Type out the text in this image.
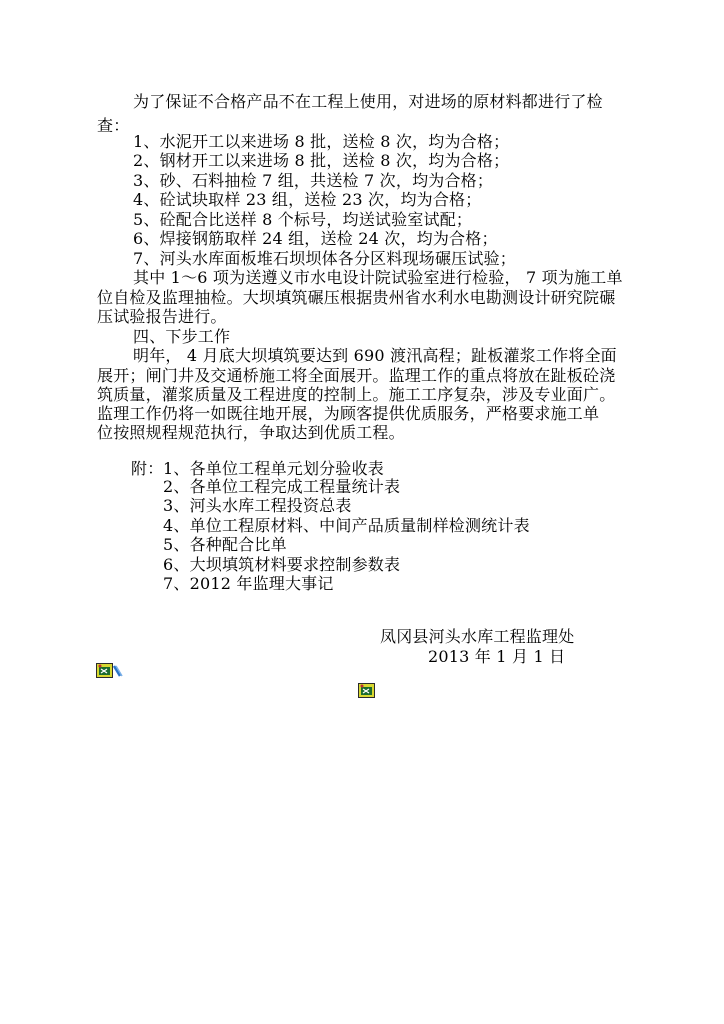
为了保证不合格产品不在工程上使用，对进场的原材料都进行了检
查：
1、水泥开工以来进场 8 批，送检 8 次，均为合格；
2、钢材开工以来进场 8 批，送检 8 次，均为合格；
3、砂、石料抽检 7 组，共送检 7 次，均为合格；
4、砼试块取样 23 组，送检 23 次，均为合格；
5、砼配合比送样 8 个标号，均送试验室试配；
6、焊接钢筋取样 24 组，送检 24 次，均为合格；
7、河头水库面板堆石坝坝体各分区料现场碾压试验；
其中 1～6 项为送遵义市水电设计院试验室进行检验， 7 项为施工单
位自检及监理抽检。大坝填筑碾压根据贵州省水利水电勘测设计研究院碾
压试验报告进行。
四、下步工作
明年， 4 月底大坝填筑要达到 690 渡汛高程；趾板灌浆工作将全面
展开；闸门井及交通桥施工将全面展开。监理工作的重点将放在趾板砼浇
筑质量，灌浆质量及工程进度的控制上。施工工序复杂，涉及专业面广。
监理工作仍将一如既往地开展，为顾客提供优质服务，严格要求施工单
位按照规程规范执行，争取达到优质工程。
附： 1、各单位工程单元划分验收表
2、各单位工程完成工程量统计表
3、河头水库工程投资总表
4、单位工程原材料、中间产品质量制样检测统计表
5、各种配合比单
6、大坝填筑材料要求控制参数表
7、2012 年监理大事记
凤冈县河头水库工程监理处
2013 年 1 月 1 日
